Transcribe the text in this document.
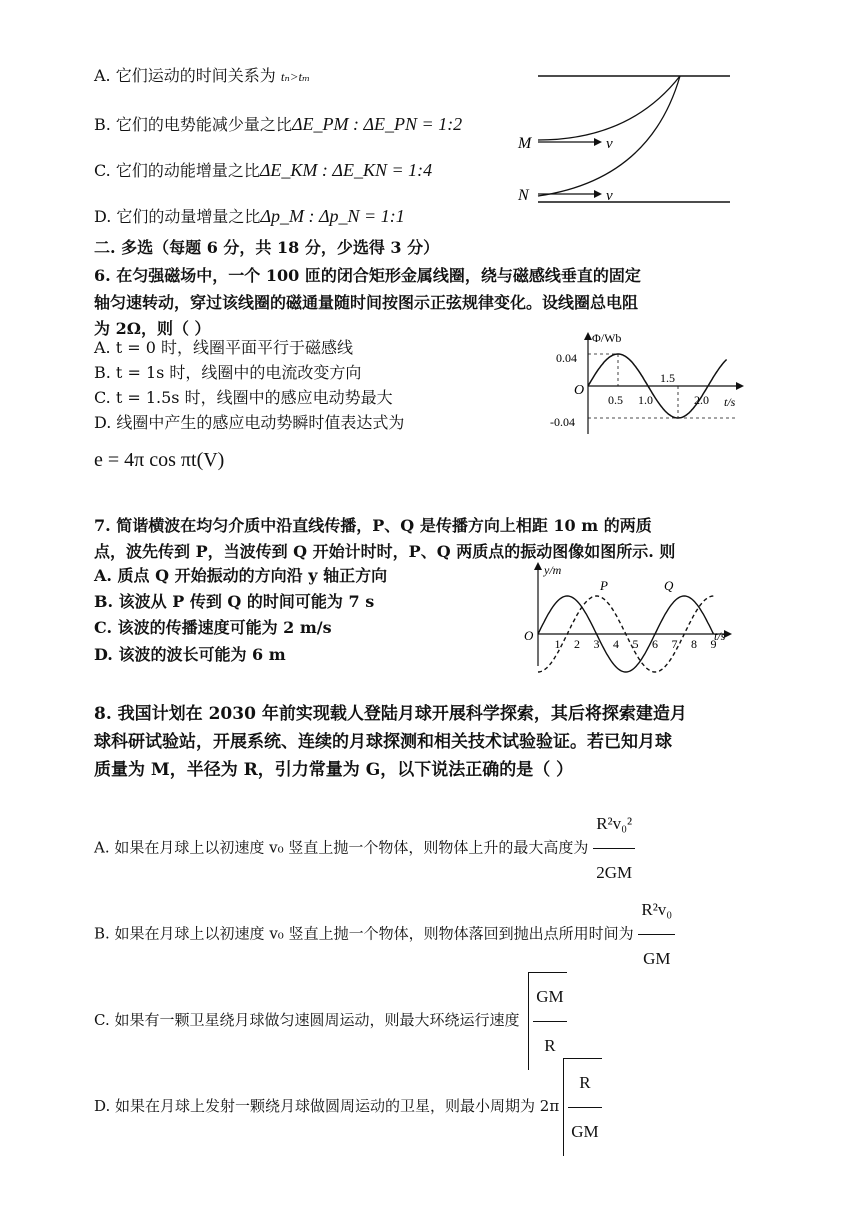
A. 它们运动的时间关系为 tₙ>tₘ
B. 它们的电势能减少量之比ΔE_PM : ΔE_PN = 1:2
C. 它们的动能增量之比ΔE_KM : ΔE_KN = 1:4
D. 它们的动量增量之比Δp_M : Δp_N = 1:1
M
N
v
v
二. 多选（每题 6 分，共 18 分，少选得 3 分）
6. 在匀强磁场中，一个 100 匝的闭合矩形金属线圈，绕与磁感线垂直的固定
轴匀速转动，穿过该线圈的磁通量随时间按图示正弦规律变化。设线圈总电阻
为 2Ω，则（ ）
A. t = 0 时，线圈平面平行于磁感线
B. t = 1s 时，线圈中的电流改变方向
C. t = 1.5s 时，线圈中的感应电动势最大
D. 线圈中产生的感应电动势瞬时值表达式为
e = 4π cos πt(V)
Φ/Wb
t/s
O
0.04
-0.04
0.5 1.0
1.5
2.0
7. 简谐横波在均匀介质中沿直线传播，P、Q 是传播方向上相距 10 m 的两质
点，波先传到 P，当波传到 Q 开始计时时，P、Q 两质点的振动图像如图所示. 则
A. 质点 Q 开始振动的方向沿 y 轴正方向
B. 该波从 P 传到 Q 的时间可能为 7 s
C. 该波的传播速度可能为 2 m/s
D. 该波的波长可能为 6 m
y/m
t/s
O
P	Q
1 2 3 4 5 6 7 8 9
8. 我国计划在 2030 年前实现载人登陆月球开展科学探索，其后将探索建造月
球科研试验站，开展系统、连续的月球探测和相关技术试验验证。若已知月球
质量为 M，半径为 R，引力常量为 G，以下说法正确的是（ ）
A. 如果在月球上以初速度 v₀ 竖直上抛一个物体，则物体上升的最大高度为 $\frac{\text{R²v₀²}}{2GM}$
B. 如果在月球上以初速度 v₀ 竖直上抛一个物体，则物体落回到抛出点所用时间为 $\frac{\text{R²v₀}}{GM}$
C. 如果有一颗卫星绕月球做匀速圆周运动，则最大环绕运行速度 $\frac{GM}{R}$
D. 如果在月球上发射一颗绕月球做圆周运动的卫星，则最小周期为 $2\pi \frac{R}{GM}$
